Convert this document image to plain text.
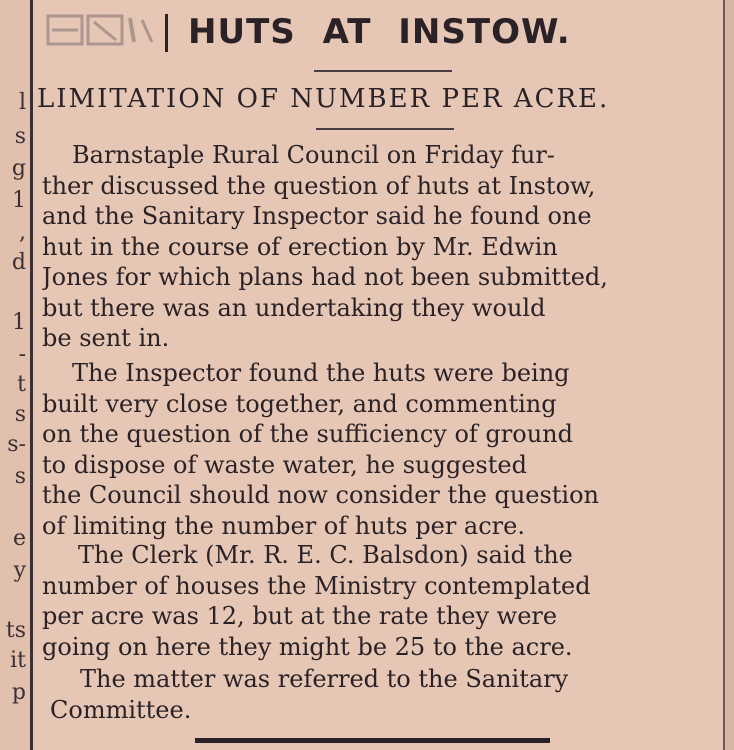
l
s
g
1
,
d
1
-
t
s
s-
s
e
y
ts
it
p
HUTS AT INSTOW.
LIMITATION OF NUMBER PER ACRE.
Barnstaple Rural Council on Friday fur-
ther discussed the question of huts at Instow,
and the Sanitary Inspector said he found one
hut in the course of erection by Mr. Edwin
Jones for which plans had not been submitted,
but there was an undertaking they would
be sent in.
The Inspector found the huts were being
built very close together, and commenting
on the question of the sufficiency of ground
to dispose of waste water, he suggested
the Council should now consider the question
of limiting the number of huts per acre.
The Clerk (Mr. R. E. C. Balsdon) said the
number of houses the Ministry contemplated
per acre was 12, but at the rate they were
going on here they might be 25 to the acre.
The matter was referred to the Sanitary
Committee.
